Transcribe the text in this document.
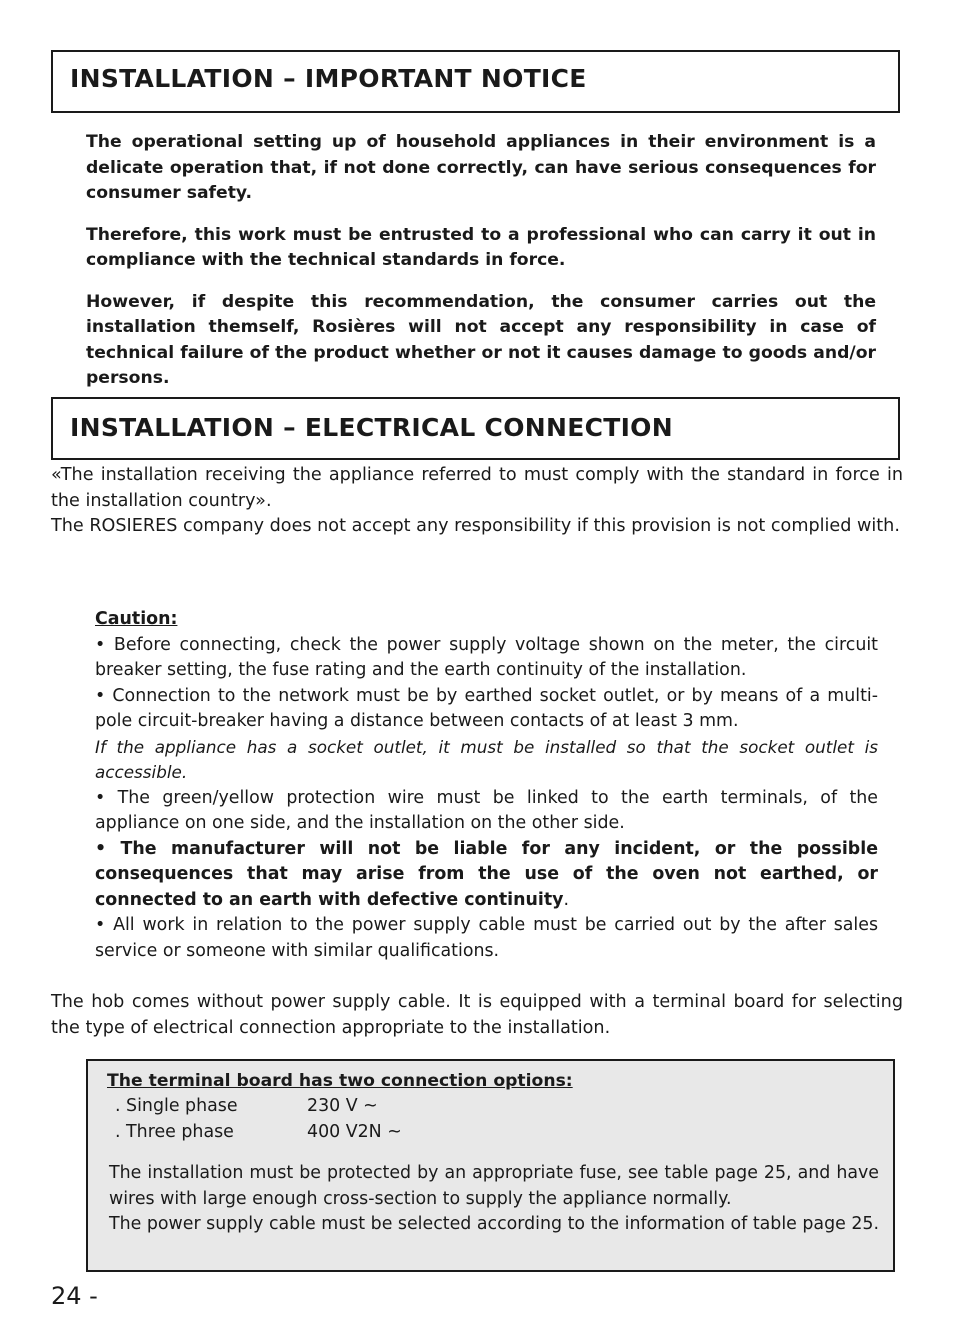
INSTALLATION – IMPORTANT NOTICE

The operational setting up of household appliances in their environment is a delicate operation that, if not done correctly, can have serious consequences for consumer safety.

Therefore, this work must be entrusted to a professional who can carry it out in compliance with the technical standards in force.

However, if despite this recommendation, the consumer carries out the installation themself, Rosières will not accept any responsibility in case of technical failure of the product whether or not it causes damage to goods and/or persons.

INSTALLATION – ELECTRICAL CONNECTION

«The installation receiving the appliance referred to must comply with the standard in force in the installation country».

The ROSIERES company does not accept any responsibility if this provision is not complied with.

Caution:

• Before connecting, check the power supply voltage shown on the meter, the circuit breaker setting, the fuse rating and the earth continuity of the installation.

• Connection to the network must be by earthed socket outlet, or by means of a multi-pole circuit-breaker having a distance between contacts of at least 3 mm.

If the appliance has a socket outlet, it must be installed so that the socket outlet is accessible.

• The green/yellow protection wire must be linked to the earth terminals, of the appliance on one side, and the installation on the other side.

• The manufacturer will not be liable for any incident, or the possible consequences that may arise from the use of the oven not earthed, or connected to an earth with defective continuity.

• All work in relation to the power supply cable must be carried out by the after sales service or someone with similar qualifications.

The hob comes without power supply cable. It is equipped with a terminal board for selecting the type of electrical connection appropriate to the installation.

The terminal board has two connection options:

. Single phase	230 V ~
. Three phase	400 V2N ~

The installation must be protected by an appropriate fuse, see table page 25, and have wires with large enough cross-section to supply the appliance normally.

The power supply cable must be selected according to the information of table page 25.

24 -
